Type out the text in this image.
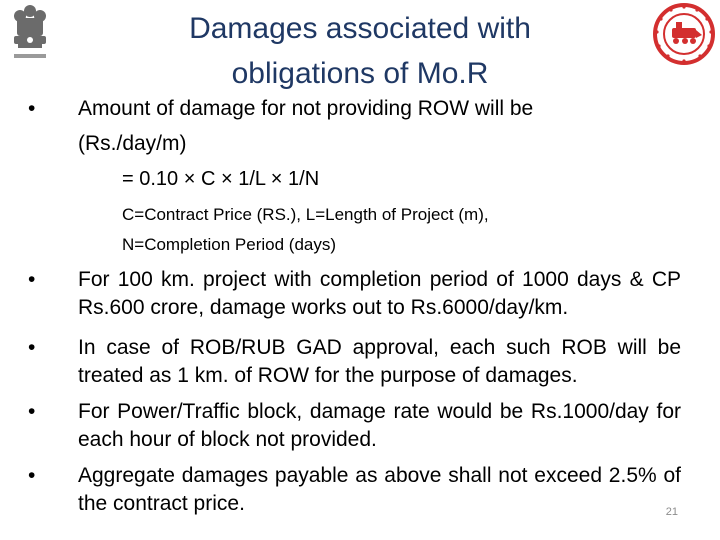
Damages associated with
obligations of Mo.R
•	Amount of damage for not providing ROW will be
(Rs./day/m)
= 0.10 × C × 1/L × 1/N
C=Contract Price (RS.), L=Length of Project (m),
N=Completion Period (days)
•	For 100 km. project with completion period of 1000 days & CP Rs.600 crore, damage works out to Rs.6000/day/km.
•	In case of ROB/RUB GAD approval, each such ROB will be treated as 1 km. of ROW for the purpose of damages.
•	For Power/Traffic block, damage rate would be Rs.1000/day for each hour of block not provided.
•	Aggregate damages payable as above shall not exceed 2.5% of the contract price.	21
